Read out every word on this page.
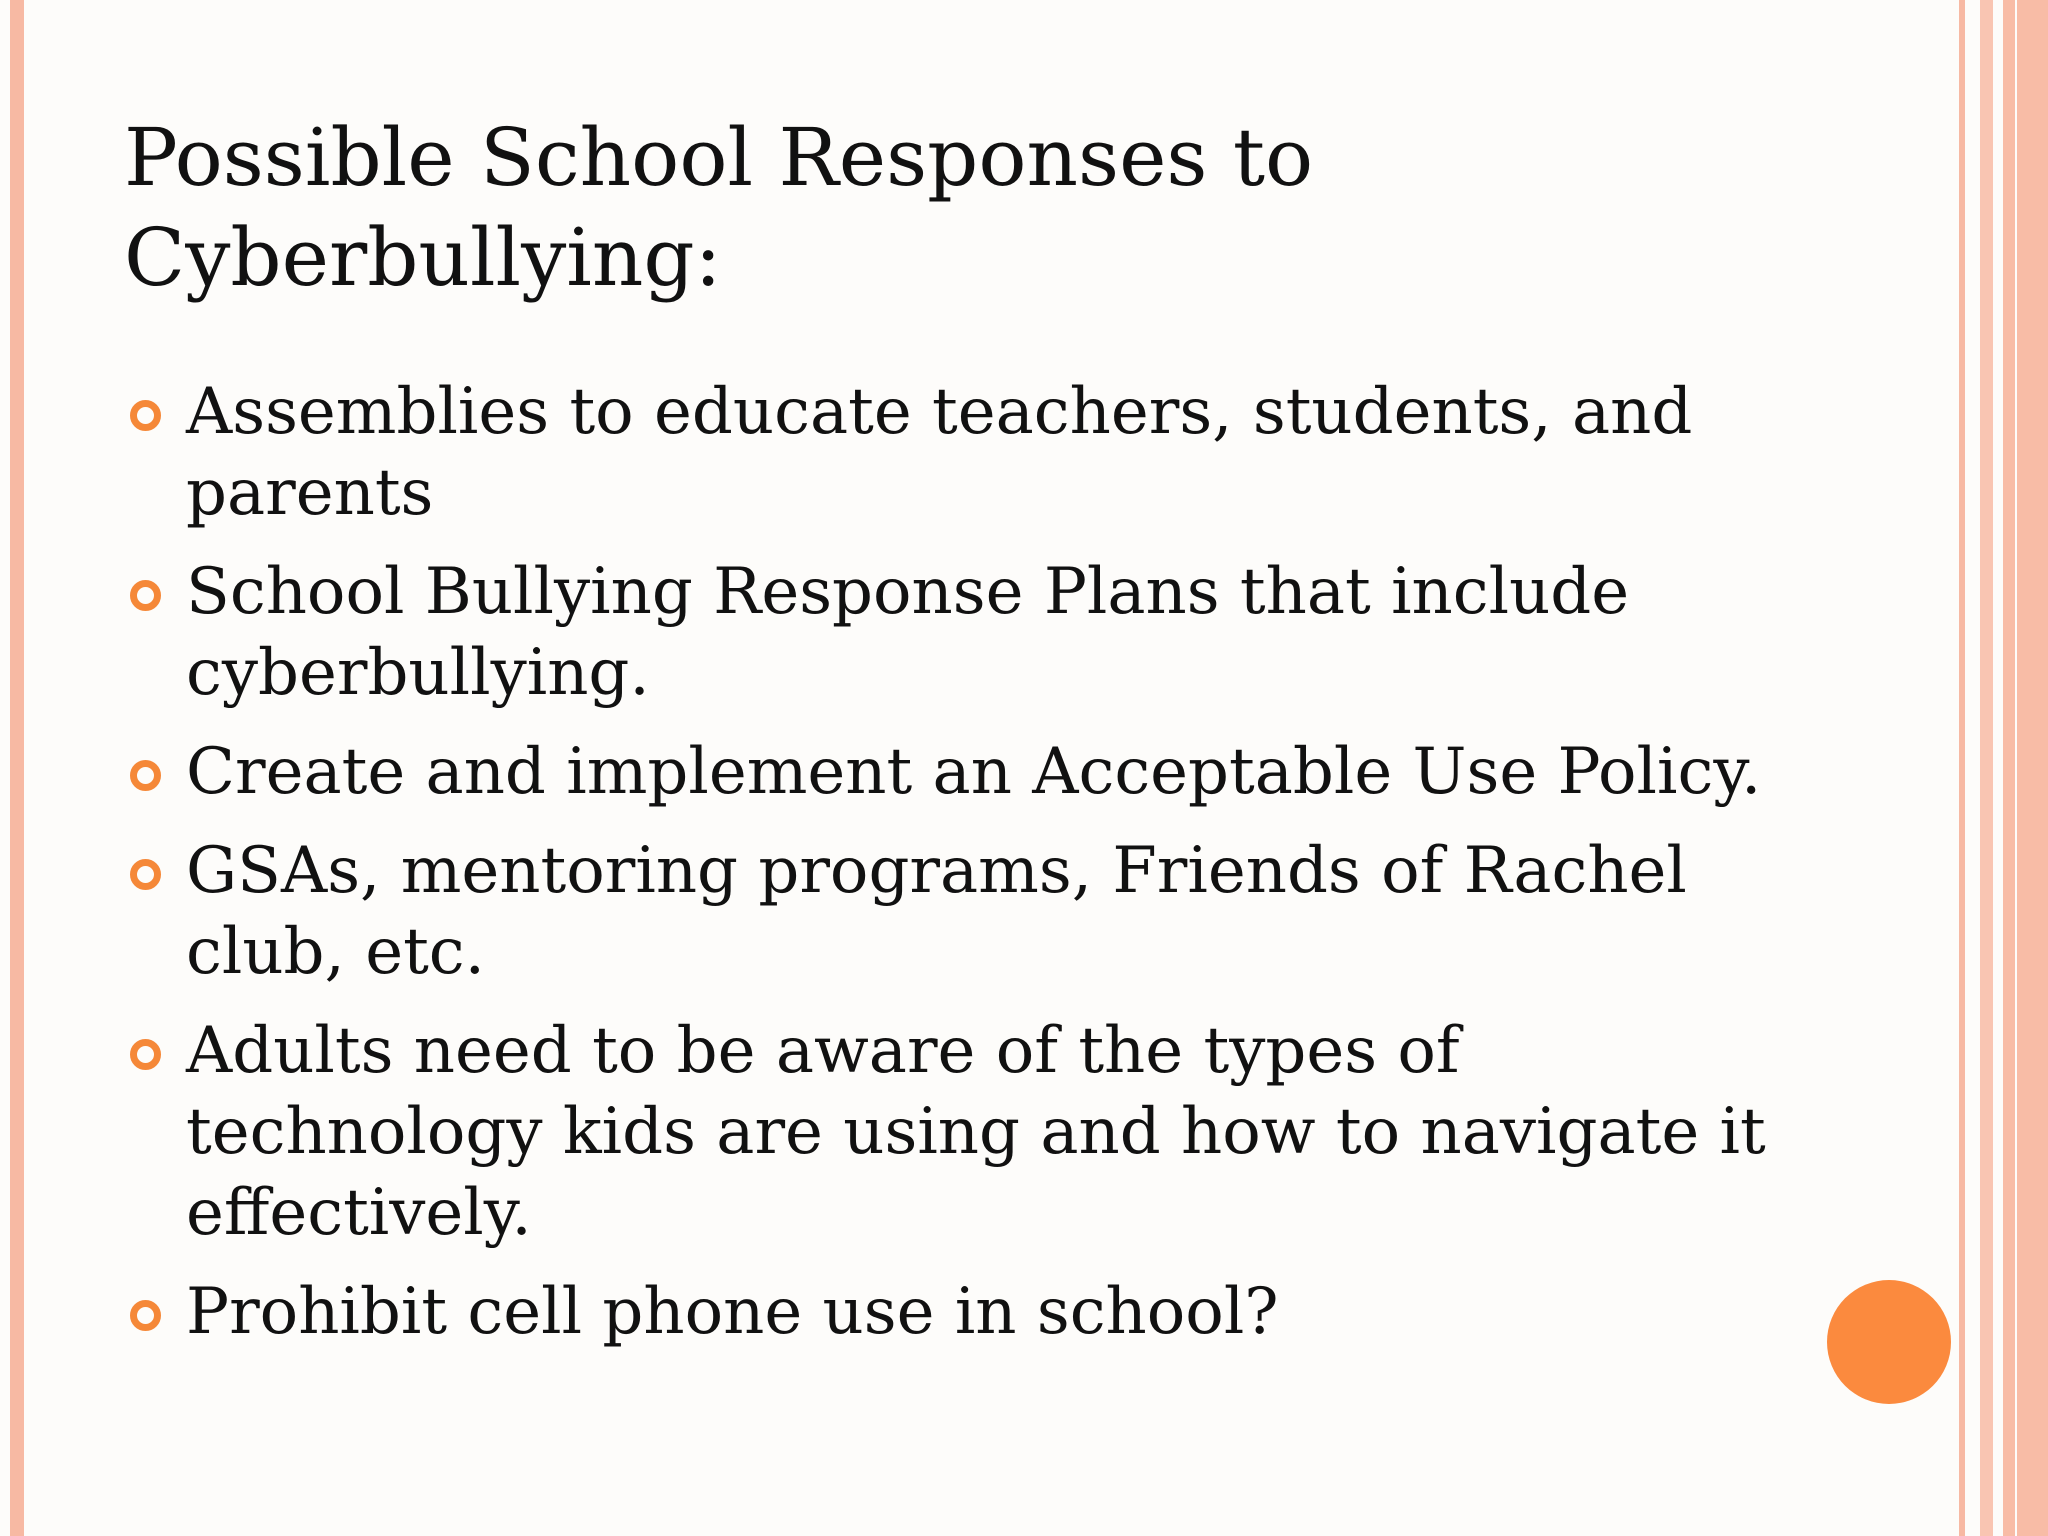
Possible School Responses to Cyberbullying:
Assemblies to educate teachers, students, and parents
School Bullying Response Plans that include cyberbullying.
Create and implement an Acceptable Use Policy.
GSAs, mentoring programs, Friends of Rachel club, etc.
Adults need to be aware of the types of technology kids are using and how to navigate it effectively.
Prohibit cell phone use in school?
